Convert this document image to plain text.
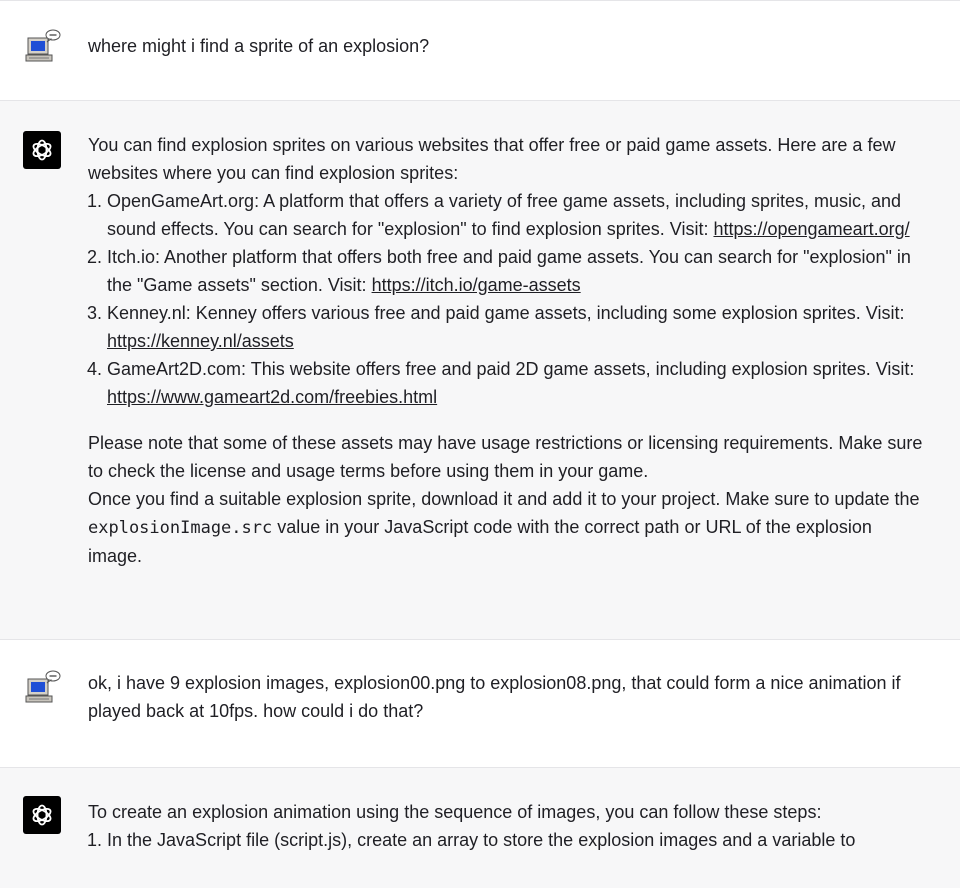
where might i find a sprite of an explosion?

You can find explosion sprites on various websites that offer free or paid game assets. Here are a few websites where you can find explosion sprites:

1. OpenGameArt.org: A platform that offers a variety of free game assets, including sprites, music, and sound effects. You can search for "explosion" to find explosion sprites. Visit: https://opengameart.org/
2. Itch.io: Another platform that offers both free and paid game assets. You can search for "explosion" in the "Game assets" section. Visit: https://itch.io/game-assets
3. Kenney.nl: Kenney offers various free and paid game assets, including some explosion sprites. Visit: https://kenney.nl/assets
4. GameArt2D.com: This website offers free and paid 2D game assets, including explosion sprites. Visit: https://www.gameart2d.com/freebies.html

Please note that some of these assets may have usage restrictions or licensing requirements. Make sure to check the license and usage terms before using them in your game.

Once you find a suitable explosion sprite, download it and add it to your project. Make sure to update the explosionImage.src value in your JavaScript code with the correct path or URL of the explosion image.

ok, i have 9 explosion images, explosion00.png to explosion08.png, that could form a nice animation if played back at 10fps. how could i do that?

To create an explosion animation using the sequence of images, you can follow these steps:

1. In the JavaScript file (script.js), create an array to store the explosion images and a variable to
